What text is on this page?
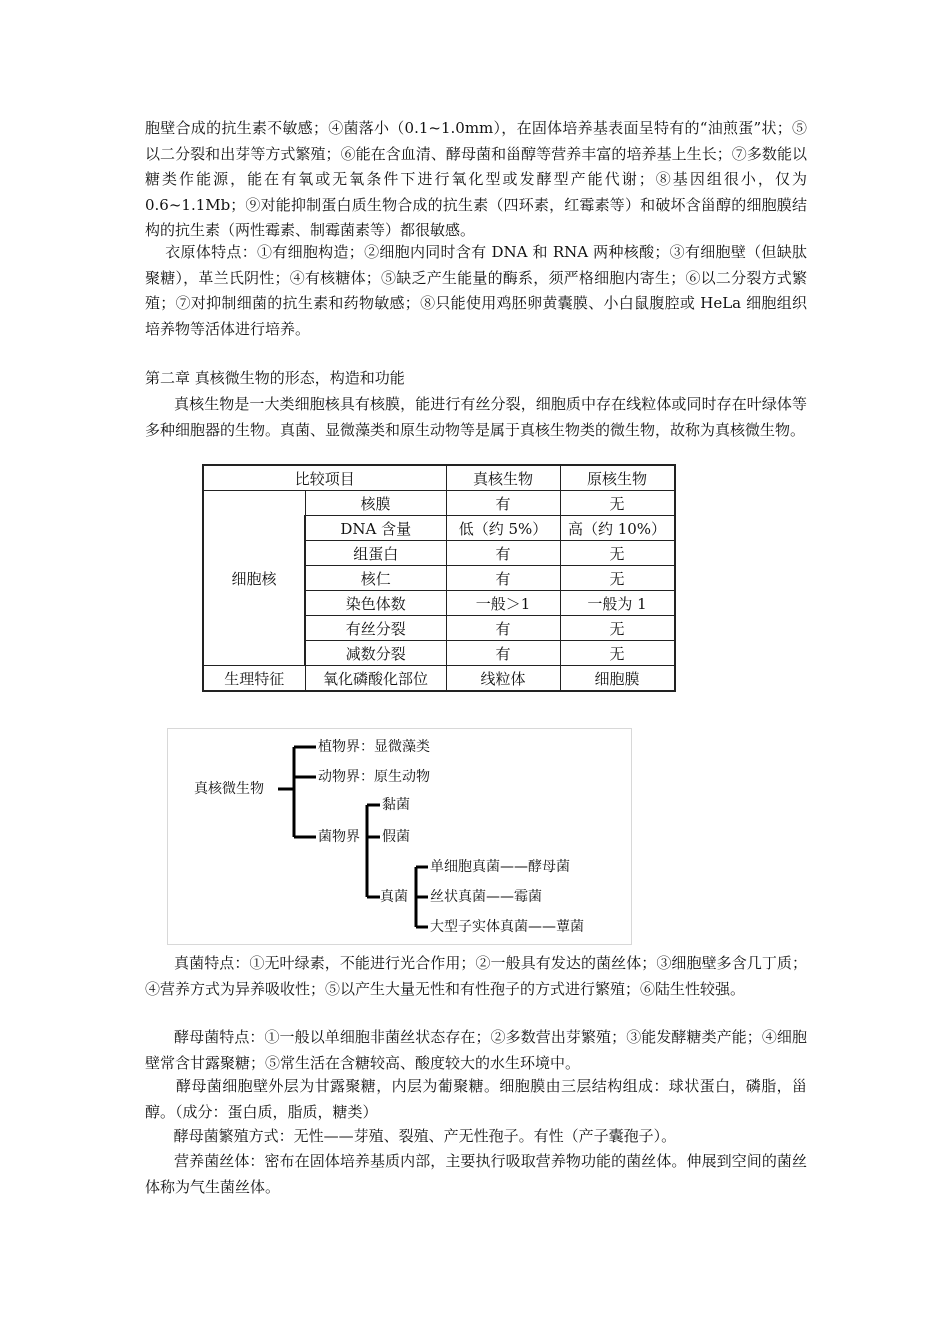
胞壁合成的抗生素不敏感；④菌落小（0.1~1.0mm），在固体培养基表面呈特有的“油煎蛋”状；⑤以二分裂和出芽等方式繁殖；⑥能在含血清、酵母菌和甾醇等营养丰富的培养基上生长；⑦多数能以糖类作能源，能在有氧或无氧条件下进行氧化型或发酵型产能代谢；⑧基因组很小，仅为0.6~1.1Mb；⑨对能抑制蛋白质生物合成的抗生素（四环素，红霉素等）和破坏含甾醇的细胞膜结构的抗生素（两性霉素、制霉菌素等）都很敏感。

衣原体特点：①有细胞构造；②细胞内同时含有 DNA 和 RNA 两种核酸；③有细胞壁（但缺肽聚糖），革兰氏阴性；④有核糖体；⑤缺乏产生能量的酶系，须严格细胞内寄生；⑥以二分裂方式繁殖；⑦对抑制细菌的抗生素和药物敏感；⑧只能使用鸡胚卵黄囊膜、小白鼠腹腔或 HeLa 细胞组织培养物等活体进行培养。

第二章 真核微生物的形态，构造和功能

真核生物是一大类细胞核具有核膜，能进行有丝分裂，细胞质中存在线粒体或同时存在叶绿体等多种细胞器的生物。真菌、显微藻类和原生动物等是属于真核生物类的微生物，故称为真核微生物。

比较项目		真核生物	原核生物
细胞核	核膜	有	无
	DNA 含量	低（约 5%）	高（约 10%）
	组蛋白	有	无
	核仁	有	无
	染色体数	一般＞1	一般为 1
	有丝分裂	有	无
	减数分裂	有	无
生理特征	氧化磷酸化部位	线粒体	细胞膜
真核微生物
植物界：显微藻类
动物界：原生动物
菌物界
黏菌
假菌
真菌
单细胞真菌——酵母菌
丝状真菌——霉菌
大型子实体真菌——蕈菌

真菌特点：①无叶绿素，不能进行光合作用；②一般具有发达的菌丝体；③细胞壁多含几丁质；④营养方式为异养吸收性；⑤以产生大量无性和有性孢子的方式进行繁殖；⑥陆生性较强。

酵母菌特点：①一般以单细胞非菌丝状态存在；②多数营出芽繁殖；③能发酵糖类产能；④细胞壁常含甘露聚糖；⑤常生活在含糖较高、酸度较大的水生环境中。

酵母菌细胞壁外层为甘露聚糖，内层为葡聚糖。细胞膜由三层结构组成：球状蛋白，磷脂，甾醇。（成分：蛋白质，脂质，糖类）

酵母菌繁殖方式：无性——芽殖、裂殖、产无性孢子。有性（产子囊孢子）。

营养菌丝体：密布在固体培养基质内部，主要执行吸取营养物功能的菌丝体。伸展到空间的菌丝体称为气生菌丝体。
